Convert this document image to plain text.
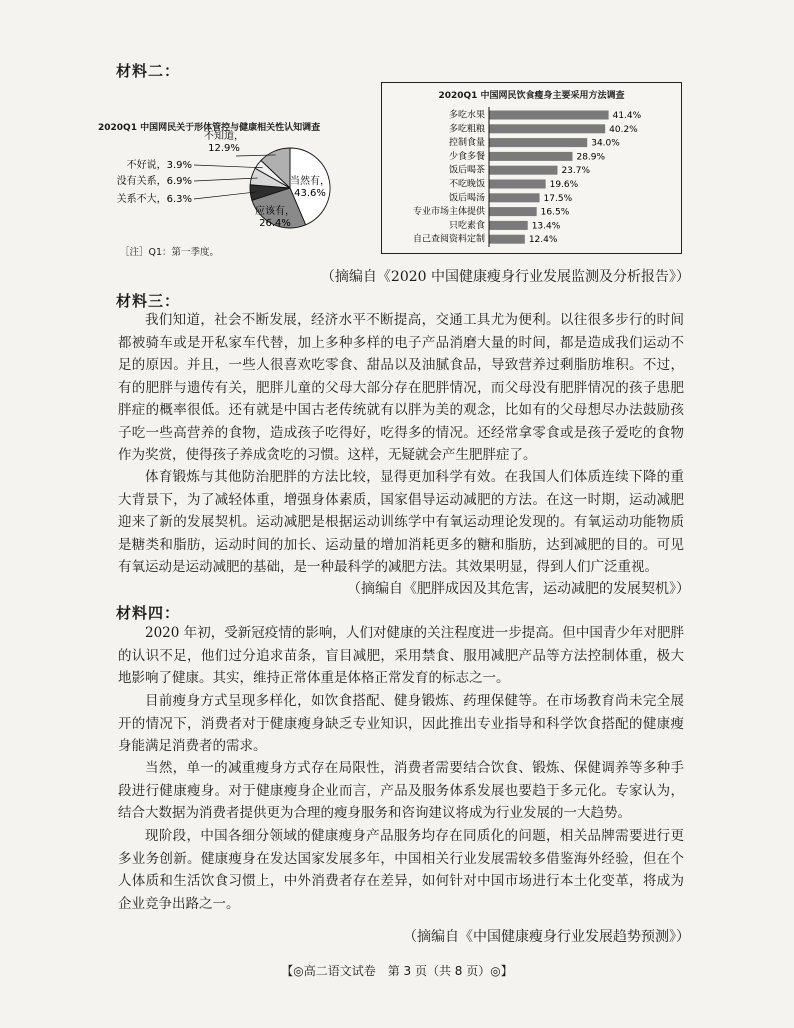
材料二：
2020Q1 中国网民关于形体管控与健康相关性认知调查
当然有，
43.6%
应该有，
26.4%
关系不大，6.3%
没有关系，6.9%
不好说，3.9%
不知道，
12.9%
［注］Q1：第一季度。
2020Q1 中国网民饮食瘦身主要采用方法调查
多吃水果	41.4%
多吃粗粮	40.2%
控制食量	34.0%
少食多餐	28.9%
饭后喝茶	23.7%
不吃晚饭	19.6%
饭后喝汤	17.5%
专业市场主体提供	16.5%
只吃素食	13.4%
自己查阅资料定制	12.4%
（摘编自《2020 中国健康瘦身行业发展监测及分析报告》）
材料三：

我们知道，社会不断发展，经济水平不断提高，交通工具尤为便利。以往很多步行的时间都被骑车或是开私家车代替，加上多种多样的电子产品消磨大量的时间，都是造成我们运动不足的原因。并且，一些人很喜欢吃零食、甜品以及油腻食品，导致营养过剩脂肪堆积。不过，有的肥胖与遗传有关，肥胖儿童的父母大部分存在肥胖情况，而父母没有肥胖情况的孩子患肥胖症的概率很低。还有就是中国古老传统就有以胖为美的观念，比如有的父母想尽办法鼓励孩子吃一些高营养的食物，造成孩子吃得好，吃得多的情况。还经常拿零食或是孩子爱吃的食物作为奖赏，使得孩子养成贪吃的习惯。这样，无疑就会产生肥胖症了。

体育锻炼与其他防治肥胖的方法比较，显得更加科学有效。在我国人们体质连续下降的重大背景下，为了减轻体重，增强身体素质，国家倡导运动减肥的方法。在这一时期，运动减肥迎来了新的发展契机。运动减肥是根据运动训练学中有氧运动理论发现的。有氧运动功能物质是糖类和脂肪，运动时间的加长、运动量的增加消耗更多的糖和脂肪，达到减肥的目的。可见有氧运动是运动减肥的基础，是一种最科学的减肥方法。其效果明显，得到人们广泛重视。

（摘编自《肥胖成因及其危害，运动减肥的发展契机》）
材料四：

2020 年初，受新冠疫情的影响，人们对健康的关注程度进一步提高。但中国青少年对肥胖的认识不足，他们过分追求苗条，盲目减肥，采用禁食、服用减肥产品等方法控制体重，极大地影响了健康。其实，维持正常体重是体格正常发育的标志之一。

目前瘦身方式呈现多样化，如饮食搭配、健身锻炼、药理保健等。在市场教育尚未完全展开的情况下，消费者对于健康瘦身缺乏专业知识，因此推出专业指导和科学饮食搭配的健康瘦身能满足消费者的需求。

当然，单一的减重瘦身方式存在局限性，消费者需要结合饮食、锻炼、保健调养等多种手段进行健康瘦身。对于健康瘦身企业而言，产品及服务体系发展也要趋于多元化。专家认为，结合大数据为消费者提供更为合理的瘦身服务和咨询建议将成为行业发展的一大趋势。

现阶段，中国各细分领域的健康瘦身产品服务均存在同质化的问题，相关品牌需要进行更多业务创新。健康瘦身在发达国家发展多年，中国相关行业发展需较多借鉴海外经验，但在个人体质和生活饮食习惯上，中外消费者存在差异，如何针对中国市场进行本土化变革，将成为企业竞争出路之一。

（摘编自《中国健康瘦身行业发展趋势预测》）
【◎高二语文试卷　第 3 页（共 8 页）◎】
